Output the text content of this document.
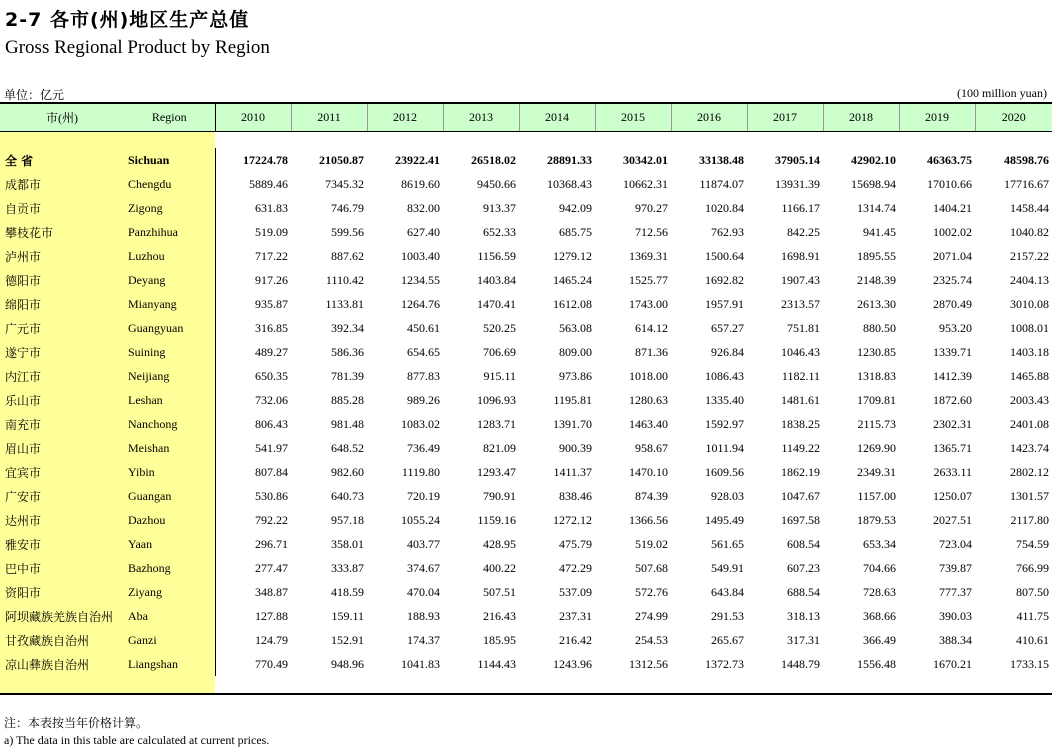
2-7 各市(州)地区生产总值
Gross Regional Product by Region
单位：亿元	(100 million yuan)
市(州)	Region	2010	2011	2012	2013	2014	2015	2016	2017	2018	2019	2020

全 省	Sichuan	17224.78	21050.87	23922.41	26518.02	28891.33	30342.01	33138.48	37905.14	42902.10	46363.75	48598.76
成都市	Chengdu	5889.46	7345.32	8619.60	9450.66	10368.43	10662.31	11874.07	13931.39	15698.94	17010.66	17716.67
自贡市	Zigong	631.83	746.79	832.00	913.37	942.09	970.27	1020.84	1166.17	1314.74	1404.21	1458.44
攀枝花市	Panzhihua	519.09	599.56	627.40	652.33	685.75	712.56	762.93	842.25	941.45	1002.02	1040.82
泸州市	Luzhou	717.22	887.62	1003.40	1156.59	1279.12	1369.31	1500.64	1698.91	1895.55	2071.04	2157.22
德阳市	Deyang	917.26	1110.42	1234.55	1403.84	1465.24	1525.77	1692.82	1907.43	2148.39	2325.74	2404.13
绵阳市	Mianyang	935.87	1133.81	1264.76	1470.41	1612.08	1743.00	1957.91	2313.57	2613.30	2870.49	3010.08
广元市	Guangyuan	316.85	392.34	450.61	520.25	563.08	614.12	657.27	751.81	880.50	953.20	1008.01
遂宁市	Suining	489.27	586.36	654.65	706.69	809.00	871.36	926.84	1046.43	1230.85	1339.71	1403.18
内江市	Neijiang	650.35	781.39	877.83	915.11	973.86	1018.00	1086.43	1182.11	1318.83	1412.39	1465.88
乐山市	Leshan	732.06	885.28	989.26	1096.93	1195.81	1280.63	1335.40	1481.61	1709.81	1872.60	2003.43
南充市	Nanchong	806.43	981.48	1083.02	1283.71	1391.70	1463.40	1592.97	1838.25	2115.73	2302.31	2401.08
眉山市	Meishan	541.97	648.52	736.49	821.09	900.39	958.67	1011.94	1149.22	1269.90	1365.71	1423.74
宜宾市	Yibin	807.84	982.60	1119.80	1293.47	1411.37	1470.10	1609.56	1862.19	2349.31	2633.11	2802.12
广安市	Guangan	530.86	640.73	720.19	790.91	838.46	874.39	928.03	1047.67	1157.00	1250.07	1301.57
达州市	Dazhou	792.22	957.18	1055.24	1159.16	1272.12	1366.56	1495.49	1697.58	1879.53	2027.51	2117.80
雅安市	Yaan	296.71	358.01	403.77	428.95	475.79	519.02	561.65	608.54	653.34	723.04	754.59
巴中市	Bazhong	277.47	333.87	374.67	400.22	472.29	507.68	549.91	607.23	704.66	739.87	766.99
资阳市	Ziyang	348.87	418.59	470.04	507.51	537.09	572.76	643.84	688.54	728.63	777.37	807.50
阿坝藏族羌族自治州	Aba	127.88	159.11	188.93	216.43	237.31	274.99	291.53	318.13	368.66	390.03	411.75
甘孜藏族自治州	Ganzi	124.79	152.91	174.37	185.95	216.42	254.53	265.67	317.31	366.49	388.34	410.61
凉山彝族自治州	Liangshan	770.49	948.96	1041.83	1144.43	1243.96	1312.56	1372.73	1448.79	1556.48	1670.21	1733.15

注：本表按当年价格计算。
a) The data in this table are calculated at current prices.
